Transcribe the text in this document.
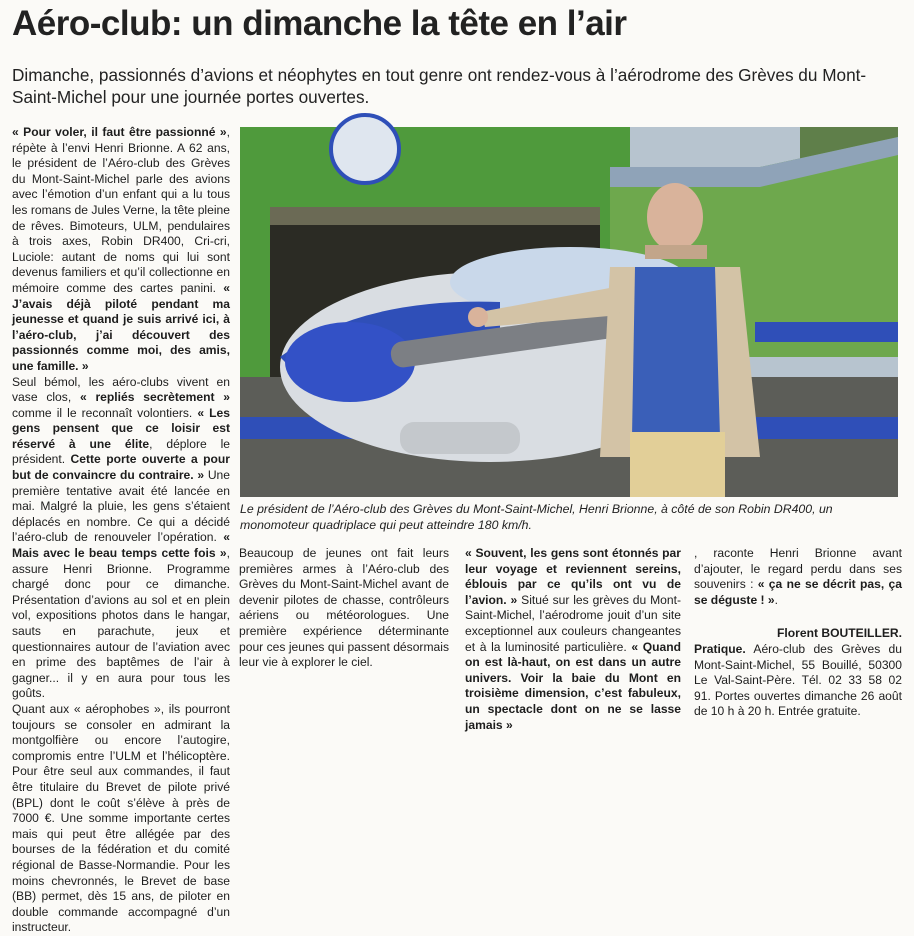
Aéro-club: un dimanche la tête en l’air

Dimanche, passionnés d’avions et néophytes en tout genre ont rendez-vous à l’aérodrome des Grèves du Mont-Saint-Michel pour une journée portes ouvertes.

« Pour voler, il faut être passionné », répète à l’envi Henri Brionne. A 62 ans, le président de l’Aéro-club des Grèves du Mont-Saint-Michel parle des avions avec l’émotion d’un enfant qui a lu tous les romans de Jules Verne, la tête pleine de rêves. Bimoteurs, ULM, pendulaires à trois axes, Robin DR400, Cri-cri, Luciole: autant de noms qui lui sont devenus familiers et qu’il collectionne en mémoire comme des cartes panini. « J’avais déjà piloté pendant ma jeunesse et quand je suis arrivé ici, à l’aéro-club, j’ai découvert des passionnés comme moi, des amis, une famille. »

Seul bémol, les aéro-clubs vivent en vase clos, « repliés secrètement » comme il le reconnaît volontiers. « Les gens pensent que ce loisir est réservé à une élite, déplore le président. Cette porte ouverte a pour but de convaincre du contraire. » Une première tentative avait été lancée en mai. Malgré la pluie, les gens s’étaient déplacés en nombre. Ce qui a décidé l’aéro-club de renouveler l’opération. « Mais avec le beau temps cette fois », assure Henri Brionne. Programme chargé donc pour ce dimanche. Présentation d’avions au sol et en plein vol, expositions photos dans le hangar, sauts en parachute, jeux et questionnaires autour de l’aviation avec en prime des baptêmes de l’air à gagner... il y en aura pour tous les goûts.

Quant aux « aérophobes », ils pourront toujours se consoler en admirant la montgolfière ou encore l’autogire, compromis entre l’ULM et l’hélicoptère. Pour être seul aux commandes, il faut être titulaire du Brevet de pilote privé (BPL) dont le coût s’élève à près de 7000 €. Une somme importante certes mais qui peut être allégée par des bourses de la fédération et du comité régional de Basse-Normandie. Pour les moins chevronnés, le Brevet de base (BB) permet, dès 15 ans, de piloter en double commande accompagné d’un instructeur.

Le président de l’Aéro-club des Grèves du Mont-Saint-Michel, Henri Brionne, à côté de son Robin DR400, un monomoteur quadriplace qui peut atteindre 180 km/h.

Beaucoup de jeunes ont fait leurs premières armes à l’Aéro-club des Grèves du Mont-Saint-Michel avant de devenir pilotes de chasse, contrôleurs aériens ou météorologues. Une première expérience déterminante pour ces jeunes qui passent désormais leur vie à explorer le ciel.

« Souvent, les gens sont étonnés par leur voyage et reviennent sereins, éblouis par ce qu’ils ont vu de l’avion. » Situé sur les grèves du Mont-Saint-Michel, l’aérodrome jouit d’un site exceptionnel aux couleurs changeantes et à la luminosité particulière. « Quand on est là-haut, on est dans un autre univers. Voir la baie du Mont en troisième dimension, c’est fabuleux, un spectacle dont on ne se lasse jamais »

, raconte Henri Brionne avant d’ajouter, le regard perdu dans ses souvenirs : « ça ne se décrit pas, ça se déguste ! ».

Florent BOUTEILLER.

Pratique. Aéro-club des Grèves du Mont-Saint-Michel, 55 Bouillé, 50300 Le Val-Saint-Père. Tél. 02 33 58 02 91. Portes ouvertes dimanche 26 août de 10 h à 20 h. Entrée gratuite.
